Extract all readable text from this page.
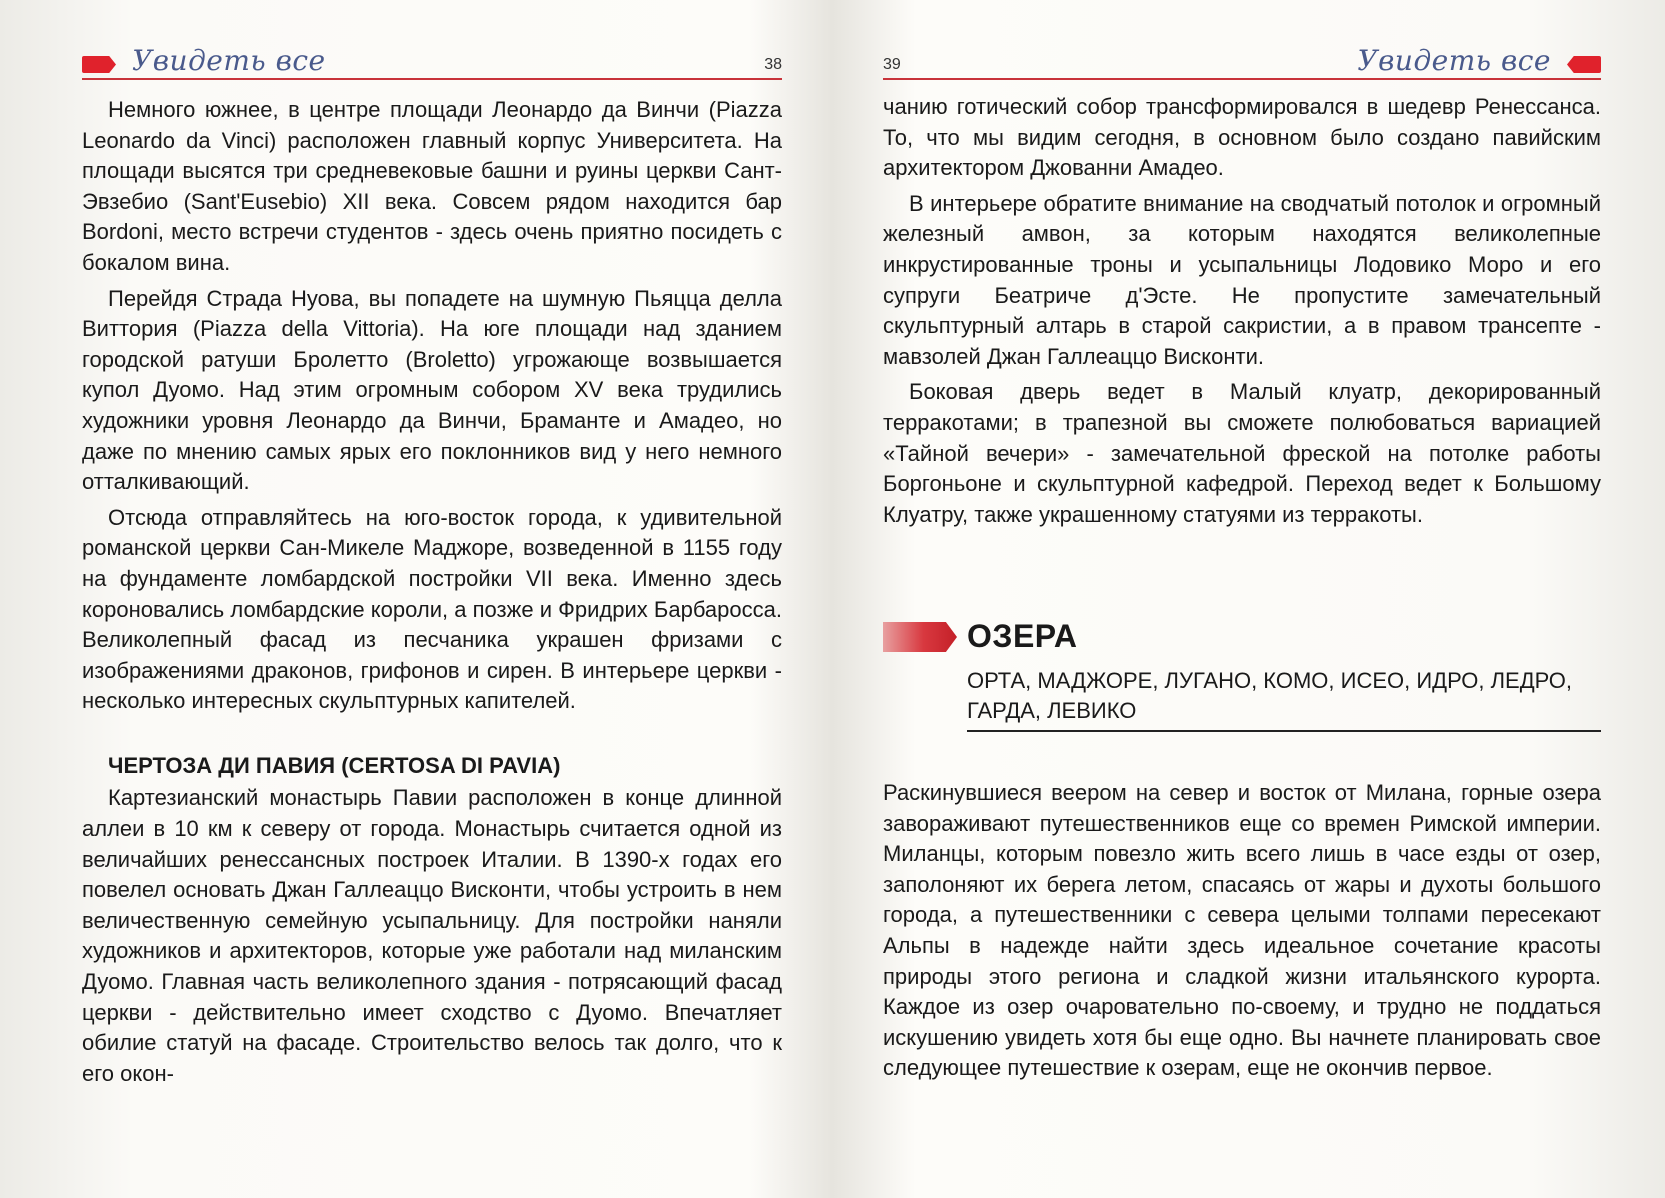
Увидеть все	38

Немного южнее, в центре площади Леонардо да Винчи (Piazza Leonardo da Vinci) расположен главный корпус Университета. На площади высятся три средневековые башни и руины церкви Сант-Эвзебио (Sant'Eusebio) XII века. Совсем рядом находится бар Bordoni, место встречи студентов - здесь очень приятно посидеть с бокалом вина.

Перейдя Страда Нуова, вы попадете на шумную Пьяцца делла Виттория (Piazza della Vittoria). На юге площади над зданием городской ратуши Бролетто (Broletto) угрожающе возвышается купол Дуомо. Над этим огромным собором XV века трудились художники уровня Леонардо да Винчи, Браманте и Амадео, но даже по мнению самых ярых его поклонников вид у него немного отталкивающий.

Отсюда отправляйтесь на юго-восток города, к удивительной романской церкви Сан-Микеле Маджоре, возведенной в 1155 году на фундаменте ломбардской постройки VII века. Именно здесь короновались ломбардские короли, а позже и Фридрих Барбаросса. Великолепный фасад из песчаника украшен фризами с изображениями драконов, грифонов и сирен. В интерьере церкви - несколько интересных скульптурных капителей.

ЧЕРТОЗА ДИ ПАВИЯ (CERTOSA DI PAVIA)

Картезианский монастырь Павии расположен в конце длинной аллеи в 10 км к северу от города. Монастырь считается одной из величайших ренессансных построек Италии. В 1390-х годах его повелел основать Джан Галлеаццо Висконти, чтобы устроить в нем величественную семейную усыпальницу. Для постройки наняли художников и архитекторов, которые уже работали над миланским Дуомо. Главная часть великолепного здания - потрясающий фасад церкви - действительно имеет сходство с Дуомо. Впечатляет обилие статуй на фасаде. Строительство велось так долго, что к его окон-

39	Увидеть все

чанию готический собор трансформировался в шедевр Ренессанса. То, что мы видим сегодня, в основном было создано павийским архитектором Джованни Амадео.

В интерьере обратите внимание на сводчатый потолок и огромный железный амвон, за которым находятся великолепные инкрустированные троны и усыпальницы Лодовико Моро и его супруги Беатриче д'Эсте. Не пропустите замечательный скульптурный алтарь в старой сакристии, а в правом трансепте - мавзолей Джан Галлеаццо Висконти.

Боковая дверь ведет в Малый клуатр, декорированный терракотами; в трапезной вы сможете полюбоваться вариацией «Тайной вечери» - замечательной фреской на потолке работы Боргоньоне и скульптурной кафедрой. Переход ведет к Большому Клуатру, также украшенному статуями из терракоты.

ОЗЕРА
ОРТА, МАДЖОРЕ, ЛУГАНО, КОМО, ИСЕО, ИДРО, ЛЕДРО, ГАРДА, ЛЕВИКО

Раскинувшиеся веером на север и восток от Милана, горные озера завораживают путешественников еще со времен Римской империи. Миланцы, которым повезло жить всего лишь в часе езды от озер, заполоняют их берега летом, спасаясь от жары и духоты большого города, а путешественники с севера целыми толпами пересекают Альпы в надежде найти здесь идеальное сочетание красоты природы этого региона и сладкой жизни итальянского курорта. Каждое из озер очаровательно по-своему, и трудно не поддаться искушению увидеть хотя бы еще одно. Вы начнете планировать свое следующее путешествие к озерам, еще не окончив первое.
